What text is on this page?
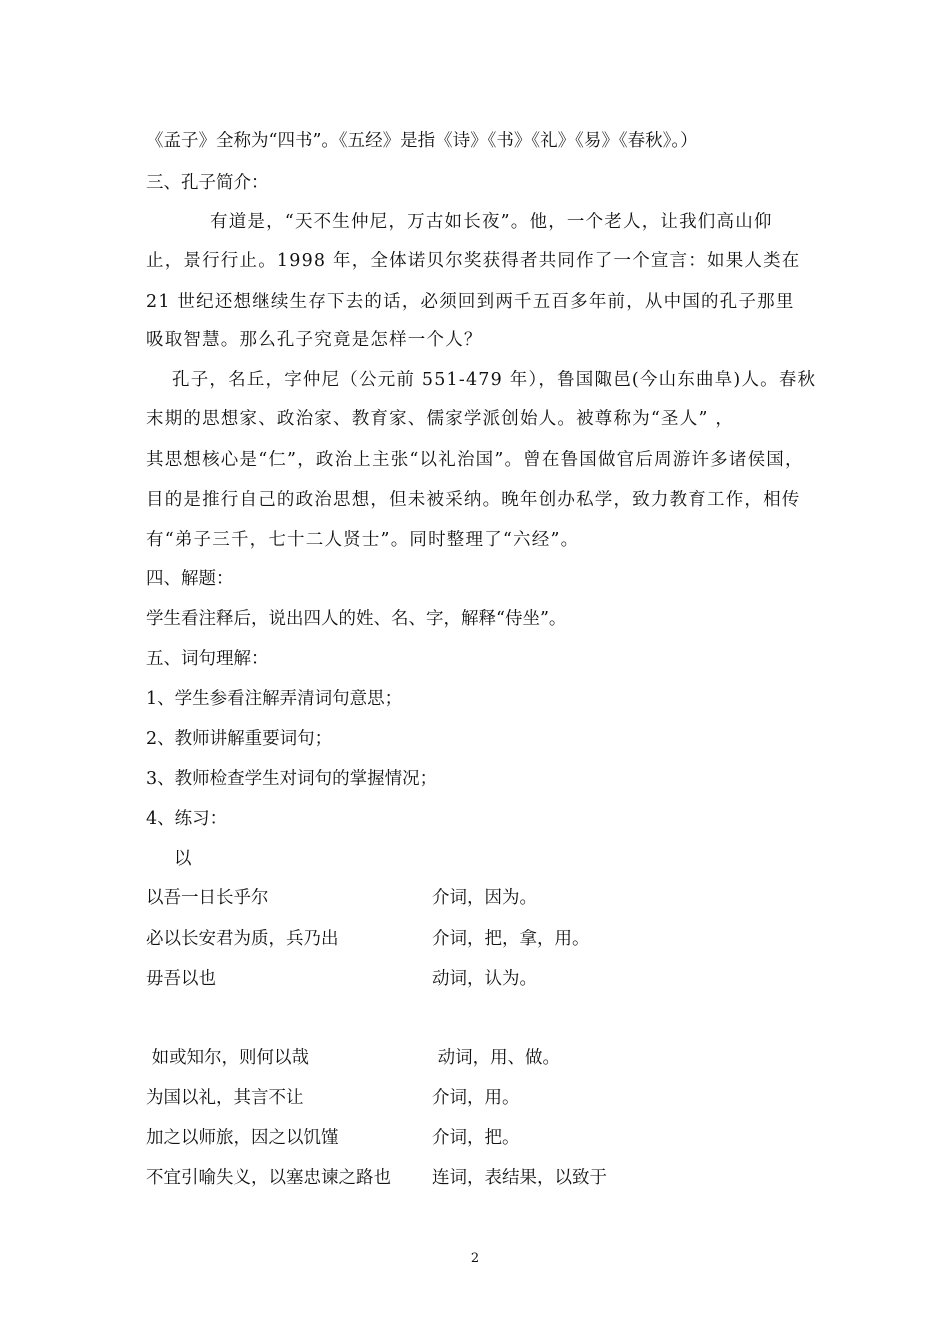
《孟子》全称为“四书”。《五经》是指《诗》《书》《礼》《易》《春秋》。）
三、孔子简介：
有道是，“天不生仲尼，万古如长夜”。他，一个老人，让我们高山仰
止，景行行止。1998 年，全体诺贝尔奖获得者共同作了一个宣言：如果人类在
21 世纪还想继续生存下去的话，必须回到两千五百多年前，从中国的孔子那里
吸取智慧。那么孔子究竟是怎样一个人？
孔子，名丘，字仲尼（公元前 551-479 年），鲁国陬邑(今山东曲阜)人。春秋
末期的思想家、政治家、教育家、儒家学派创始人。被尊称为“圣人” ，
其思想核心是“仁”，政治上主张“以礼治国”。曾在鲁国做官后周游许多诸侯国，
目的是推行自己的政治思想，但未被采纳。晚年创办私学，致力教育工作，相传
有“弟子三千，七十二人贤士”。同时整理了“六经”。
四、解题：
学生看注释后，说出四人的姓、名、字，解释“侍坐”。
五、词句理解：
1、学生参看注解弄清词句意思；
2、教师讲解重要词句；
3、教师检查学生对词句的掌握情况；
4、练习：
以
以吾一日长乎尔	介词，因为。
必以长安君为质，兵乃出	介词，把，拿，用。
毋吾以也	动词，认为。
如或知尔，则何以哉	动词，用、做。
为国以礼，其言不让	介词，用。
加之以师旅，因之以饥馑	介词，把。
不宜引喻失义，以塞忠谏之路也 连词，表结果，以致于
2
